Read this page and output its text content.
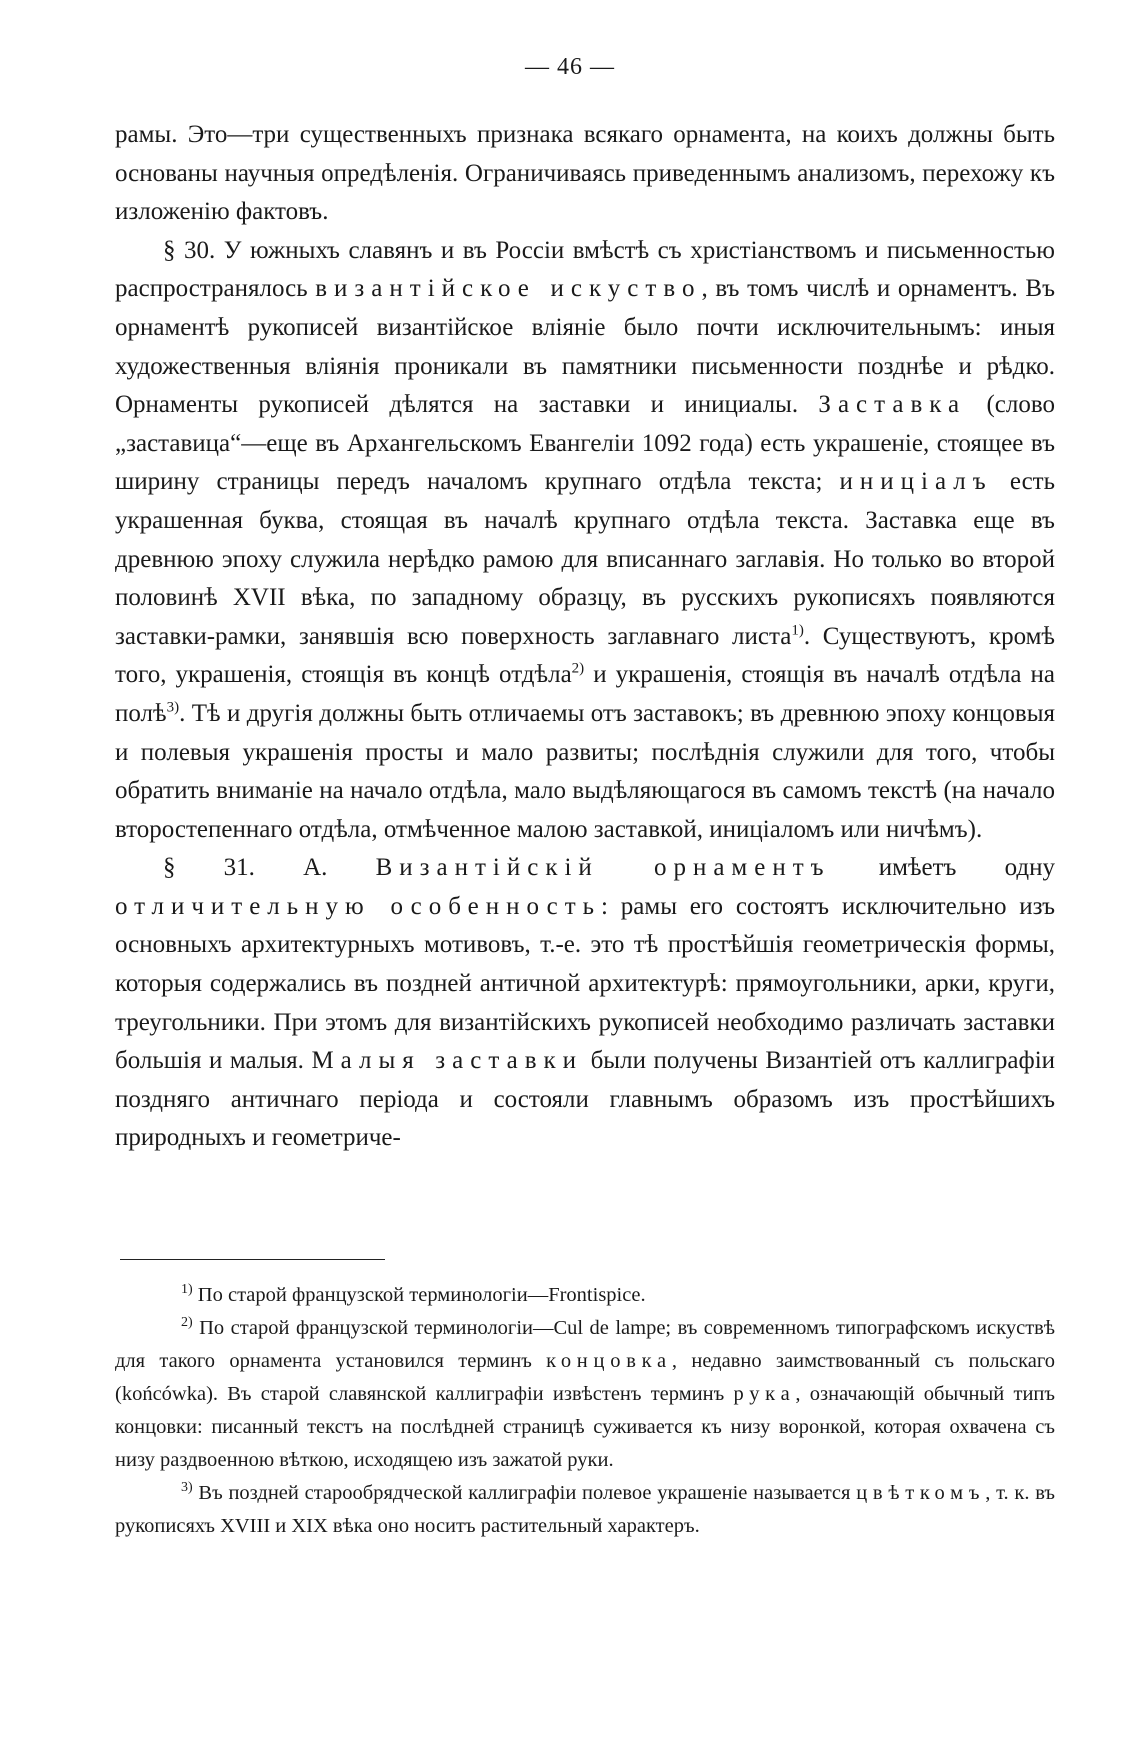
— 46 —

рамы. Это—три существенныхъ признака всякаго орнамента, на коихъ должны быть основаны научныя опредѣленія. Ограничиваясь приведеннымъ анализомъ, перехожу къ изложенію фактовъ.

§ 30. У южныхъ славянъ и въ Россіи вмѣстѣ съ христіанствомъ и письменностью распространялось византійское искуство, въ томъ числѣ и орнаментъ. Въ орнаментѣ рукописей византійское вліяніе было почти исключительнымъ: иныя художественныя вліянія проникали въ памятники письменности позднѣе и рѣдко. Орнаменты рукописей дѣлятся на заставки и инициалы. Заставка (слово „заставица“—еще въ Архангельскомъ Евангеліи 1092 года) есть украшеніе, стоящее въ ширину страницы передъ началомъ крупнаго отдѣла текста; иниціалъ есть украшенная буква, стоящая въ началѣ крупнаго отдѣла текста. Заставка еще въ древнюю эпоху служила нерѣдко рамою для вписаннаго заглавія. Но только во второй половинѣ XVII вѣка, по западному образцу, въ русскихъ рукописяхъ появляются заставки-рамки, занявшія всю поверхность заглавнаго листа$^{1)}$. Существуютъ, кромѣ того, украшенія, стоящія въ концѣ отдѣла$^{2)}$ и украшенія, стоящія въ началѣ отдѣла на полѣ$^{3)}$. Тѣ и другія должны быть отличаемы отъ заставокъ; въ древнюю эпоху концовыя и полевыя украшенія просты и мало развиты; послѣднія служили для того, чтобы обратить вниманіе на начало отдѣла, мало выдѣляющагося въ самомъ текстѣ (на начало второстепеннаго отдѣла, отмѣченное малою заставкой, иниціаломъ или ничѣмъ).

§ 31. А. Византійскій орнаментъ имѣетъ одну отличительную особенность: рамы его состоятъ исключительно изъ основныхъ архитектурныхъ мотивовъ, т.-е. это тѣ простѣйшія геометрическія формы, которыя содержались въ поздней античной архитектурѣ: прямоугольники, арки, круги, треугольники. При этомъ для византійскихъ рукописей необходимо различать заставки большія и малыя. Малыя заставки были получены Византіей отъ каллиграфіи поздняго античнаго періода и состояли главнымъ образомъ изъ простѣйшихъ природныхъ и геометриче-

$^{1)}$ По старой французской терминологіи—Frontispice.

$^{2)}$ По старой французской терминологіи—Cul de lampe; въ современномъ типографскомъ искуствѣ для такого орнамента установился терминъ концовка, недавно заимствованный съ польскаго (końcówka). Въ старой славянской каллиграфіи извѣстенъ терминъ рука, означающій обычный типъ концовки: писанный текстъ на послѣдней страницѣ суживается къ низу воронкой, которая охвачена съ низу раздвоенною вѣткою, исходящею изъ зажатой руки.

$^{3)}$ Въ поздней старообрядческой каллиграфіи полевое украшеніе называется цвѣткомъ, т. к. въ рукописяхъ XVIII и XIX вѣка оно носитъ растительный характеръ.
